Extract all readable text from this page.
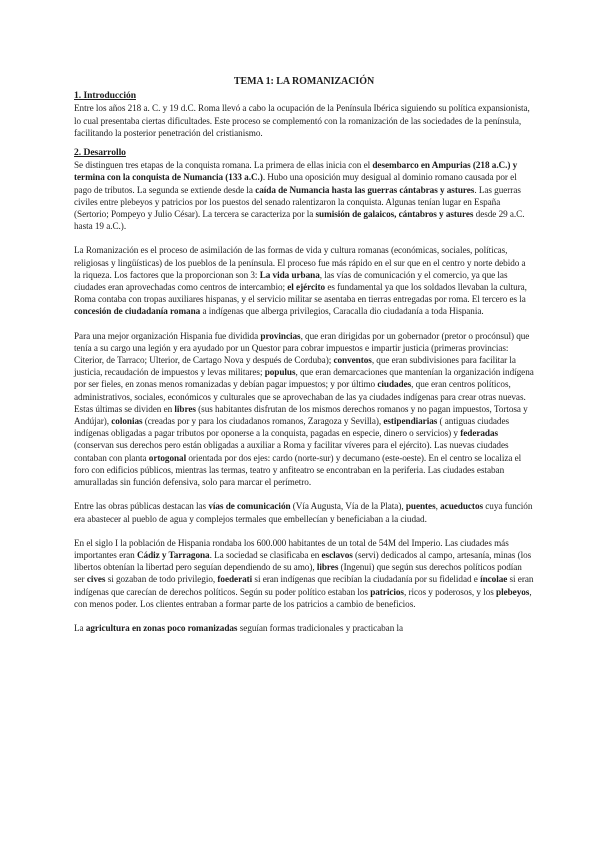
TEMA 1: LA ROMANIZACIÓN
1. Introducción

Entre los años 218 a. C. y 19 d.C. Roma llevó a cabo la ocupación de la Península Ibérica siguiendo su política expansionista, lo cual presentaba ciertas dificultades. Este proceso se complementó con la romanización de las sociedades de la península, facilitando la posterior penetración del cristianismo.

2. Desarrollo

Se distinguen tres etapas de la conquista romana. La primera de ellas inicia con el desembarco en Ampurias (218 a.C.) y termina con la conquista de Numancia (133 a.C.). Hubo una oposición muy desigual al dominio romano causada por el pago de tributos. La segunda se extiende desde la caída de Numancia hasta las guerras cántabras y astures. Las guerras civiles entre plebeyos y patricios por los puestos del senado ralentizaron la conquista. Algunas tenían lugar en España (Sertorio; Pompeyo y Julio César). La tercera se caracteriza por la sumisión de galaicos, cántabros y astures desde 29 a.C. hasta 19 a.C.).

La Romanización es el proceso de asimilación de las formas de vida y cultura romanas (económicas, sociales, políticas, religiosas y lingüísticas) de los pueblos de la península. El proceso fue más rápido en el sur que en el centro y norte debido a la riqueza. Los factores que la proporcionan son 3: La vida urbana, las vías de comunicación y el comercio, ya que las ciudades eran aprovechadas como centros de intercambio; el ejército es fundamental ya que los soldados llevaban la cultura, Roma contaba con tropas auxiliares hispanas, y el servicio militar se asentaba en tierras entregadas por roma. El tercero es la concesión de ciudadanía romana a indígenas que alberga privilegios, Caracalla dio ciudadanía a toda Hispania.

Para una mejor organización Hispania fue dividida provincias, que eran dirigidas por un gobernador (pretor o procónsul) que tenía a su cargo una legión y era ayudado por un Questor para cobrar impuestos e impartir justicia (primeras provincias: Citerior, de Tarraco; Ulterior, de Cartago Nova y después de Corduba); conventos, que eran subdivisiones para facilitar la justicia, recaudación de impuestos y levas militares; populus, que eran demarcaciones que mantenían la organización indígena por ser fieles, en zonas menos romanizadas y debían pagar impuestos; y por último ciudades, que eran centros políticos, administrativos, sociales, económicos y culturales que se aprovechaban de las ya ciudades indígenas para crear otras nuevas. Estas últimas se dividen en libres (sus habitantes disfrutan de los mismos derechos romanos y no pagan impuestos, Tortosa y Andújar), colonias (creadas por y para los ciudadanos romanos, Zaragoza y Sevilla), estipendiarias ( antiguas ciudades indígenas obligadas a pagar tributos por oponerse a la conquista, pagadas en especie, dinero o servicios) y federadas (conservan sus derechos pero están obligadas a auxiliar a Roma y facilitar víveres para el ejército). Las nuevas ciudades contaban con planta ortogonal orientada por dos ejes: cardo (norte-sur) y decumano (este-oeste). En el centro se localiza el foro con edificios públicos, mientras las termas, teatro y anfiteatro se encontraban en la periferia. Las ciudades estaban amuralladas sin función defensiva, solo para marcar el perímetro.

Entre las obras públicas destacan las vías de comunicación (Vía Augusta, Vía de la Plata), puentes, acueductos cuya función era abastecer al pueblo de agua y complejos termales que embellecían y beneficiaban a la ciudad.

En el siglo I la población de Hispania rondaba los 600.000 habitantes de un total de 54M del Imperio. Las ciudades más importantes eran Cádiz y Tarragona. La sociedad se clasificaba en esclavos (servi) dedicados al campo, artesanía, minas (los libertos obtenían la libertad pero seguían dependiendo de su amo), libres (Ingenui) que según sus derechos políticos podían ser cives si gozaban de todo privilegio, foederati si eran indígenas que recibían la ciudadanía por su fidelidad e íncolae si eran indígenas que carecían de derechos políticos. Según su poder político estaban los patricios, ricos y poderosos, y los plebeyos, con menos poder. Los clientes entraban a formar parte de los patricios a cambio de beneficios.

La agricultura en zonas poco romanizadas seguían formas tradicionales y practicaban la
